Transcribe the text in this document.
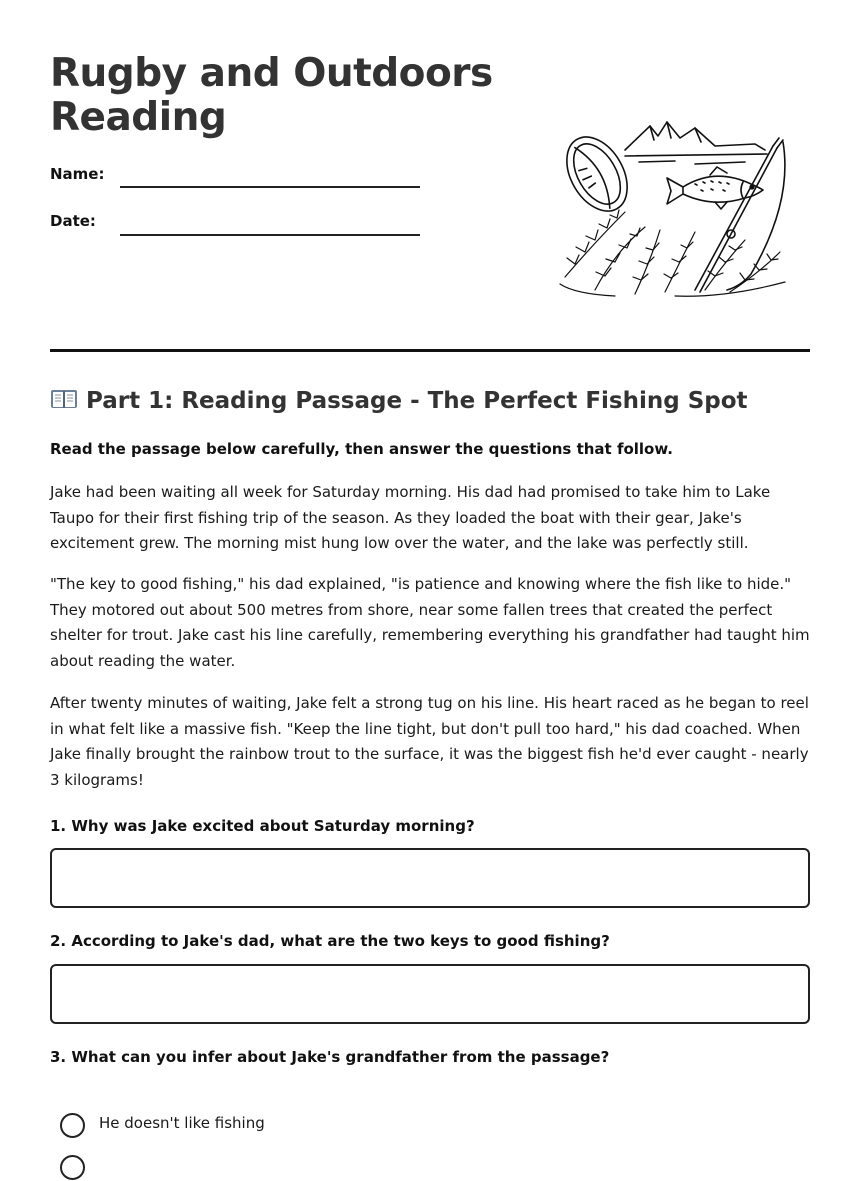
Rugby and Outdoors Reading
Name:
Date:
Part 1: Reading Passage - The Perfect Fishing Spot

Read the passage below carefully, then answer the questions that follow.

Jake had been waiting all week for Saturday morning. His dad had promised to take him to Lake Taupo for their first fishing trip of the season. As they loaded the boat with their gear, Jake's excitement grew. The morning mist hung low over the water, and the lake was perfectly still.

"The key to good fishing," his dad explained, "is patience and knowing where the fish like to hide." They motored out about 500 metres from shore, near some fallen trees that created the perfect shelter for trout. Jake cast his line carefully, remembering everything his grandfather had taught him about reading the water.

After twenty minutes of waiting, Jake felt a strong tug on his line. His heart raced as he began to reel in what felt like a massive fish. "Keep the line tight, but don't pull too hard," his dad coached. When Jake finally brought the rainbow trout to the surface, it was the biggest fish he'd ever caught - nearly 3 kilograms!

1. Why was Jake excited about Saturday morning?

2. According to Jake's dad, what are the two keys to good fishing?

3. What can you infer about Jake's grandfather from the passage?

He doesn't like fishing
